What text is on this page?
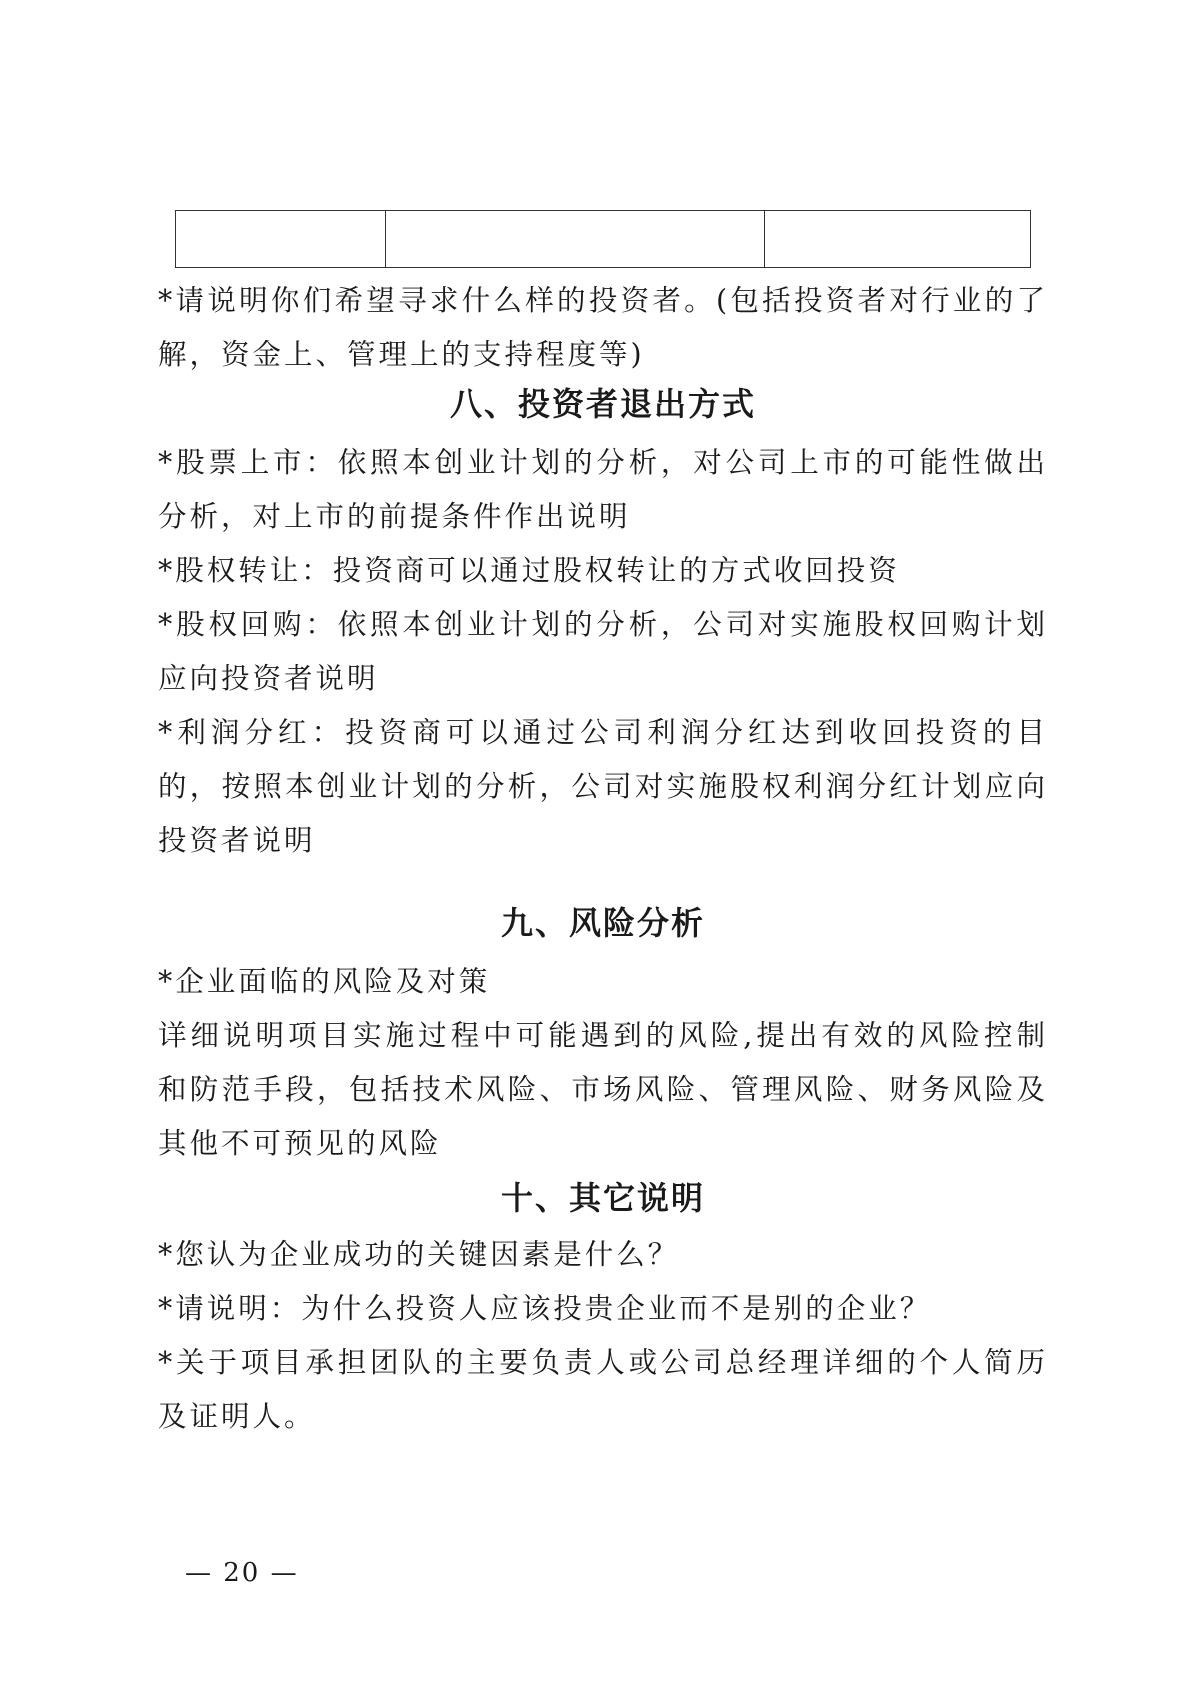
*请说明你们希望寻求什么样的投资者。(包括投资者对行业的了解，资金上、管理上的支持程度等)

八、投资者退出方式

*股票上市：依照本创业计划的分析，对公司上市的可能性做出分析，对上市的前提条件作出说明

*股权转让：投资商可以通过股权转让的方式收回投资

*股权回购：依照本创业计划的分析，公司对实施股权回购计划应向投资者说明

*利润分红：投资商可以通过公司利润分红达到收回投资的目的，按照本创业计划的分析，公司对实施股权利润分红计划应向投资者说明

九、风险分析

*企业面临的风险及对策

详细说明项目实施过程中可能遇到的风险,提出有效的风险控制和防范手段，包括技术风险、市场风险、管理风险、财务风险及其他不可预见的风险

十、其它说明

*您认为企业成功的关键因素是什么？

*请说明：为什么投资人应该投贵企业而不是别的企业？

*关于项目承担团队的主要负责人或公司总经理详细的个人简历及证明人。

— 20 —
